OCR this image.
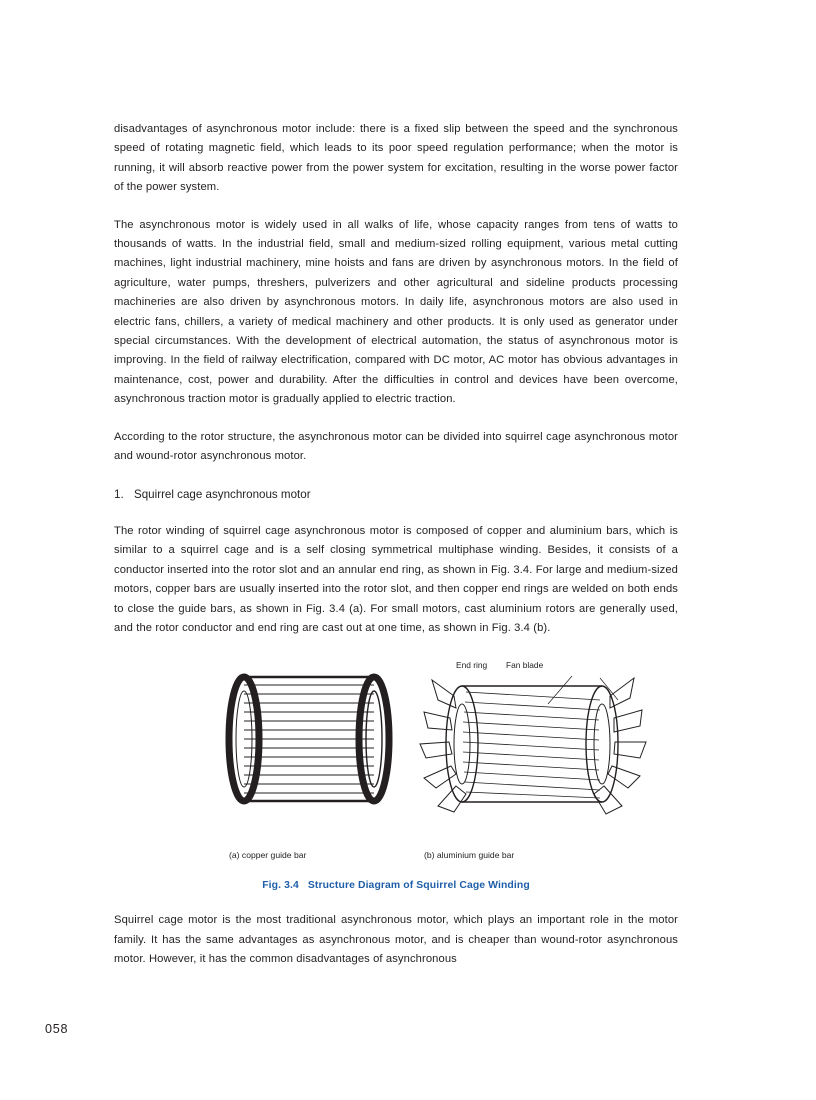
disadvantages of asynchronous motor include: there is a fixed slip between the speed and the synchronous speed of rotating magnetic field, which leads to its poor speed regulation performance; when the motor is running, it will absorb reactive power from the power system for excitation, resulting in the worse power factor of the power system.

The asynchronous motor is widely used in all walks of life, whose capacity ranges from tens of watts to thousands of watts. In the industrial field, small and medium-sized rolling equipment, various metal cutting machines, light industrial machinery, mine hoists and fans are driven by asynchronous motors. In the field of agriculture, water pumps, threshers, pulverizers and other agricultural and sideline products processing machineries are also driven by asynchronous motors. In daily life, asynchronous motors are also used in electric fans, chillers, a variety of medical machinery and other products. It is only used as generator under special circumstances. With the development of electrical automation, the status of asynchronous motor is improving. In the field of railway electrification, compared with DC motor, AC motor has obvious advantages in maintenance, cost, power and durability. After the difficulties in control and devices have been overcome, asynchronous traction motor is gradually applied to electric traction.

According to the rotor structure, the asynchronous motor can be divided into squirrel cage asynchronous motor and wound-rotor asynchronous motor.

1. Squirrel cage asynchronous motor

The rotor winding of squirrel cage asynchronous motor is composed of copper and aluminium bars, which is similar to a squirrel cage and is a self closing symmetrical multiphase winding. Besides, it consists of a conductor inserted into the rotor slot and an annular end ring, as shown in Fig. 3.4. For large and medium-sized motors, copper bars are usually inserted into the rotor slot, and then copper end rings are welded on both ends to close the guide bars, as shown in Fig. 3.4 (a). For small motors, cast aluminium rotors are generally used, and the rotor conductor and end ring are cast out at one time, as shown in Fig. 3.4 (b).

End ring Fan blade
(a) copper guide bar	(b) aluminium guide bar
Fig. 3.4 Structure Diagram of Squirrel Cage Winding

Squirrel cage motor is the most traditional asynchronous motor, which plays an important role in the motor family. It has the same advantages as asynchronous motor, and is cheaper than wound-rotor asynchronous motor. However, it has the common disadvantages of asynchronous

058
